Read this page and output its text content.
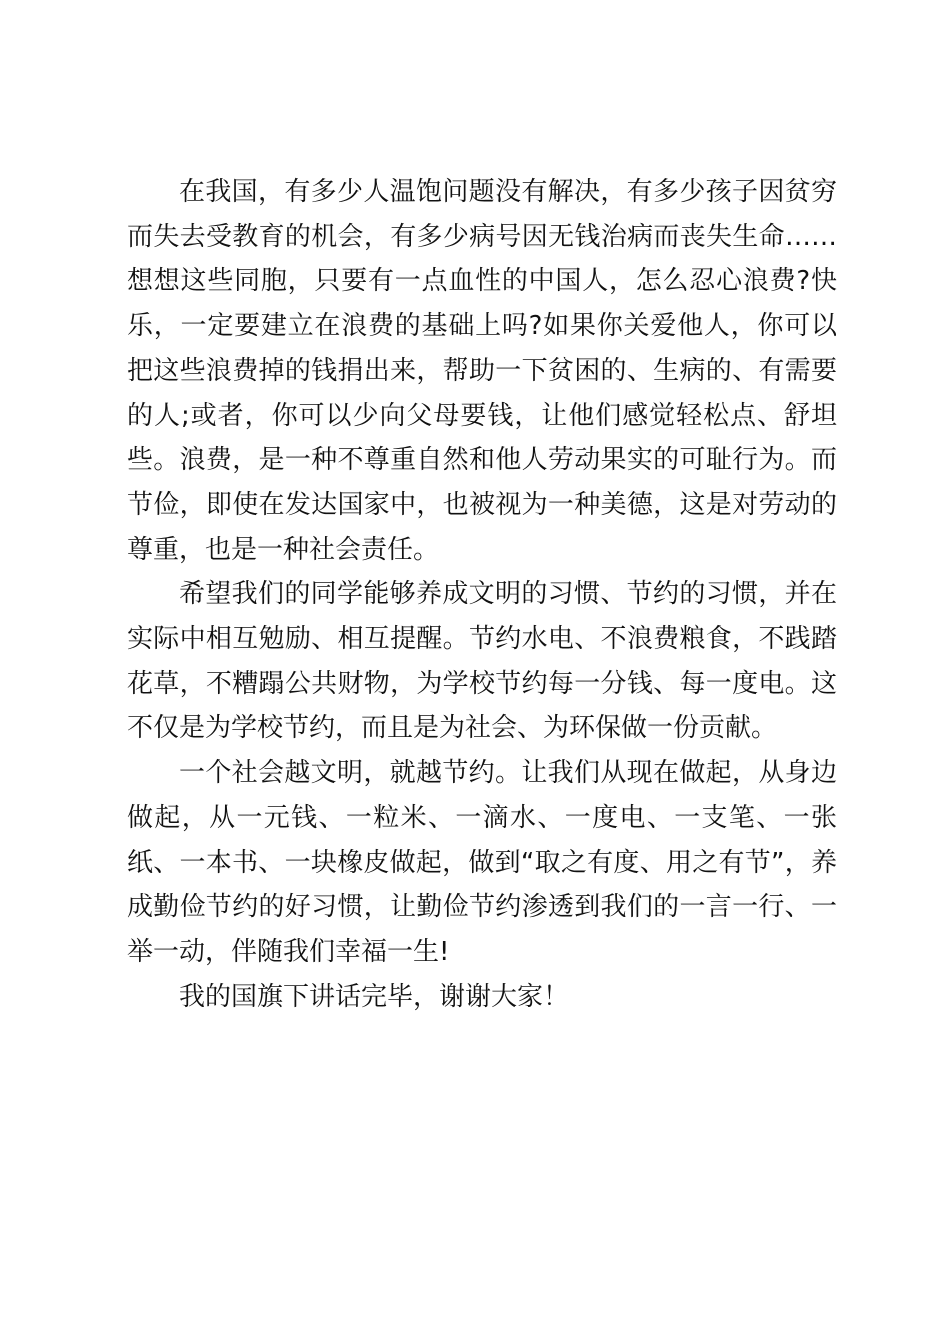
在我国，有多少人温饱问题没有解决，有多少孩子因贫穷而失去受教育的机会，有多少病号因无钱治病而丧失生命……想想这些同胞，只要有一点血性的中国人，怎么忍心浪费?快乐，一定要建立在浪费的基础上吗?如果你关爱他人，你可以把这些浪费掉的钱捐出来，帮助一下贫困的、生病的、有需要的人;或者，你可以少向父母要钱，让他们感觉轻松点、舒坦些。浪费，是一种不尊重自然和他人劳动果实的可耻行为。而节俭，即使在发达国家中，也被视为一种美德，这是对劳动的尊重，也是一种社会责任。

希望我们的同学能够养成文明的习惯、节约的习惯，并在实际中相互勉励、相互提醒。节约水电、不浪费粮食，不践踏花草，不糟蹋公共财物，为学校节约每一分钱、每一度电。这不仅是为学校节约，而且是为社会、为环保做一份贡献。

一个社会越文明，就越节约。让我们从现在做起，从身边做起，从一元钱、一粒米、一滴水、一度电、一支笔、一张纸、一本书、一块橡皮做起，做到“取之有度、用之有节”，养成勤俭节约的好习惯，让勤俭节约渗透到我们的一言一行、一举一动，伴随我们幸福一生!

我的国旗下讲话完毕，谢谢大家！
